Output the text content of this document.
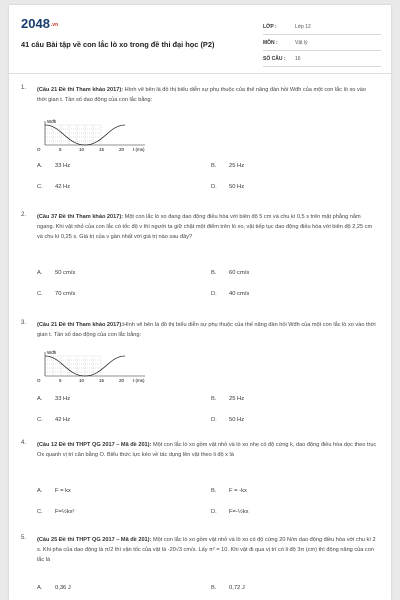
2048.vn
41 câu Bài tập về con lắc lò xo trong đề thi đại học (P2)
LỚP :	Lớp 12
MÔN :	Vật lý
SỐ CÂU : 16
1. (Câu 21 Đề thi Tham khảo 2017): Hình vẽ bên là đồ thị biểu diễn sự phụ thuộc của thế năng đàn hồi Wđh của một con lắc lò xo vào thời gian t. Tần số dao động của con lắc bằng:
O
Wđh
5	10	15	20 t (ms)
A. 33 Hz	B. 25 Hz
C. 42 Hz	D. 50 Hz
2. (Câu 37 Đề thi Tham khảo 2017): Một con lắc lò xo đang dao động điều hòa với biên độ 5 cm và chu kì 0,5 s trên mặt phẳng nằm ngang. Khi vật nhỏ của con lắc có tốc độ v thì người ta giữ chặt một điểm trên lò xo, vật tiếp tục dao động điều hòa với biên độ 2,25 cm và chu kì 0,25 s. Giá trị của v gần nhất với giá trị nào sau đây?
A. 50 cm/s	B. 60 cm/s
C. 70 cm/s	D. 40 cm/s
3. (Câu 21 Đề thi Tham khảo 2017):Hình vẽ bên là đồ thị biểu diễn sự phụ thuộc của thế năng đàn hồi Wđh của một con lắc lò xo vào thời gian t. Tần số dao động của con lắc bằng:
O
Wđh
5	10	15	20 t (ms)
A. 33 Hz	B. 25 Hz
C. 42 Hz	D. 50 Hz
4. (Câu 12 Đề thi THPT QG 2017 – Mã đề 201): Một con lắc lò xo gồm vật nhỏ và lò xo nhẹ có độ cứng k, dao động điều hòa dọc theo trục Ox quanh vị trí cân bằng O. Biểu thức lực kéo về tác dụng lên vật theo li độ x là
A. F = kx	B. F = -kx
C. F=½kx²	D. F=-½kx
5. (Câu 25 Đề thi THPT QG 2017 – Mã đề 201): Một con lắc lò xo gồm vật nhỏ và lò xo có độ cứng 20 N/m dao động điều hòa với chu kì 2 s. Khi pha của dao động là π/2 thì vận tốc của vật là -20√3 cm/s. Lấy π² = 10. Khi vật đi qua vị trí có li độ 3π (cm) thì động năng của con lắc là
A. 0,36 J	B. 0,72 J
